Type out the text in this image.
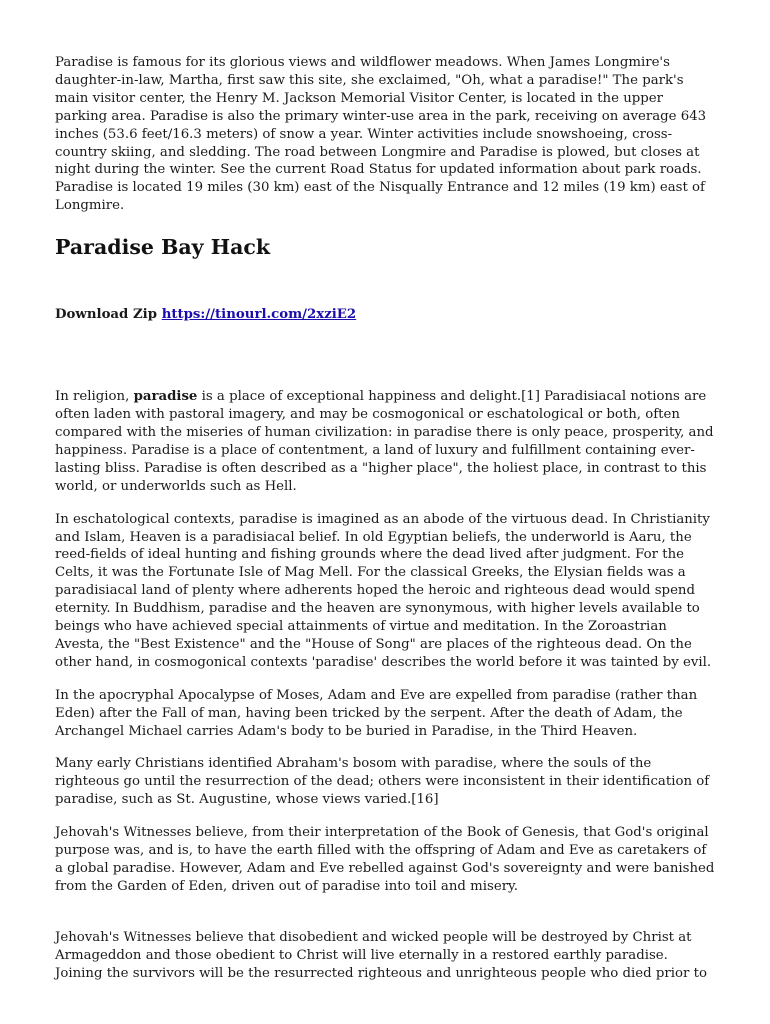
Paradise is famous for its glorious views and wildflower meadows. When James Longmire's daughter-in-law, Martha, first saw this site, she exclaimed, "Oh, what a paradise!" The park's main visitor center, the Henry M. Jackson Memorial Visitor Center, is located in the upper parking area. Paradise is also the primary winter-use area in the park, receiving on average 643 inches (53.6 feet/16.3 meters) of snow a year. Winter activities include snowshoeing, cross-country skiing, and sledding. The road between Longmire and Paradise is plowed, but closes at night during the winter. See the current Road Status for updated information about park roads. Paradise is located 19 miles (30 km) east of the Nisqually Entrance and 12 miles (19 km) east of Longmire.

Paradise Bay Hack
Download Zip https://tinourl.com/2xziE2

In religion, paradise is a place of exceptional happiness and delight.[1] Paradisiacal notions are often laden with pastoral imagery, and may be cosmogonical or eschatological or both, often compared with the miseries of human civilization: in paradise there is only peace, prosperity, and happiness. Paradise is a place of contentment, a land of luxury and fulfillment containing ever-lasting bliss. Paradise is often described as a "higher place", the holiest place, in contrast to this world, or underworlds such as Hell.

In eschatological contexts, paradise is imagined as an abode of the virtuous dead. In Christianity and Islam, Heaven is a paradisiacal belief. In old Egyptian beliefs, the underworld is Aaru, the reed-fields of ideal hunting and fishing grounds where the dead lived after judgment. For the Celts, it was the Fortunate Isle of Mag Mell. For the classical Greeks, the Elysian fields was a paradisiacal land of plenty where adherents hoped the heroic and righteous dead would spend eternity. In Buddhism, paradise and the heaven are synonymous, with higher levels available to beings who have achieved special attainments of virtue and meditation. In the Zoroastrian Avesta, the "Best Existence" and the "House of Song" are places of the righteous dead. On the other hand, in cosmogonical contexts 'paradise' describes the world before it was tainted by evil.

In the apocryphal Apocalypse of Moses, Adam and Eve are expelled from paradise (rather than Eden) after the Fall of man, having been tricked by the serpent. After the death of Adam, the Archangel Michael carries Adam's body to be buried in Paradise, in the Third Heaven.

Many early Christians identified Abraham's bosom with paradise, where the souls of the righteous go until the resurrection of the dead; others were inconsistent in their identification of paradise, such as St. Augustine, whose views varied.[16]

Jehovah's Witnesses believe, from their interpretation of the Book of Genesis, that God's original purpose was, and is, to have the earth filled with the offspring of Adam and Eve as caretakers of a global paradise. However, Adam and Eve rebelled against God's sovereignty and were banished from the Garden of Eden, driven out of paradise into toil and misery.

Jehovah's Witnesses believe that disobedient and wicked people will be destroyed by Christ at Armageddon and those obedient to Christ will live eternally in a restored earthly paradise. Joining the survivors will be the resurrected righteous and unrighteous people who died prior to
